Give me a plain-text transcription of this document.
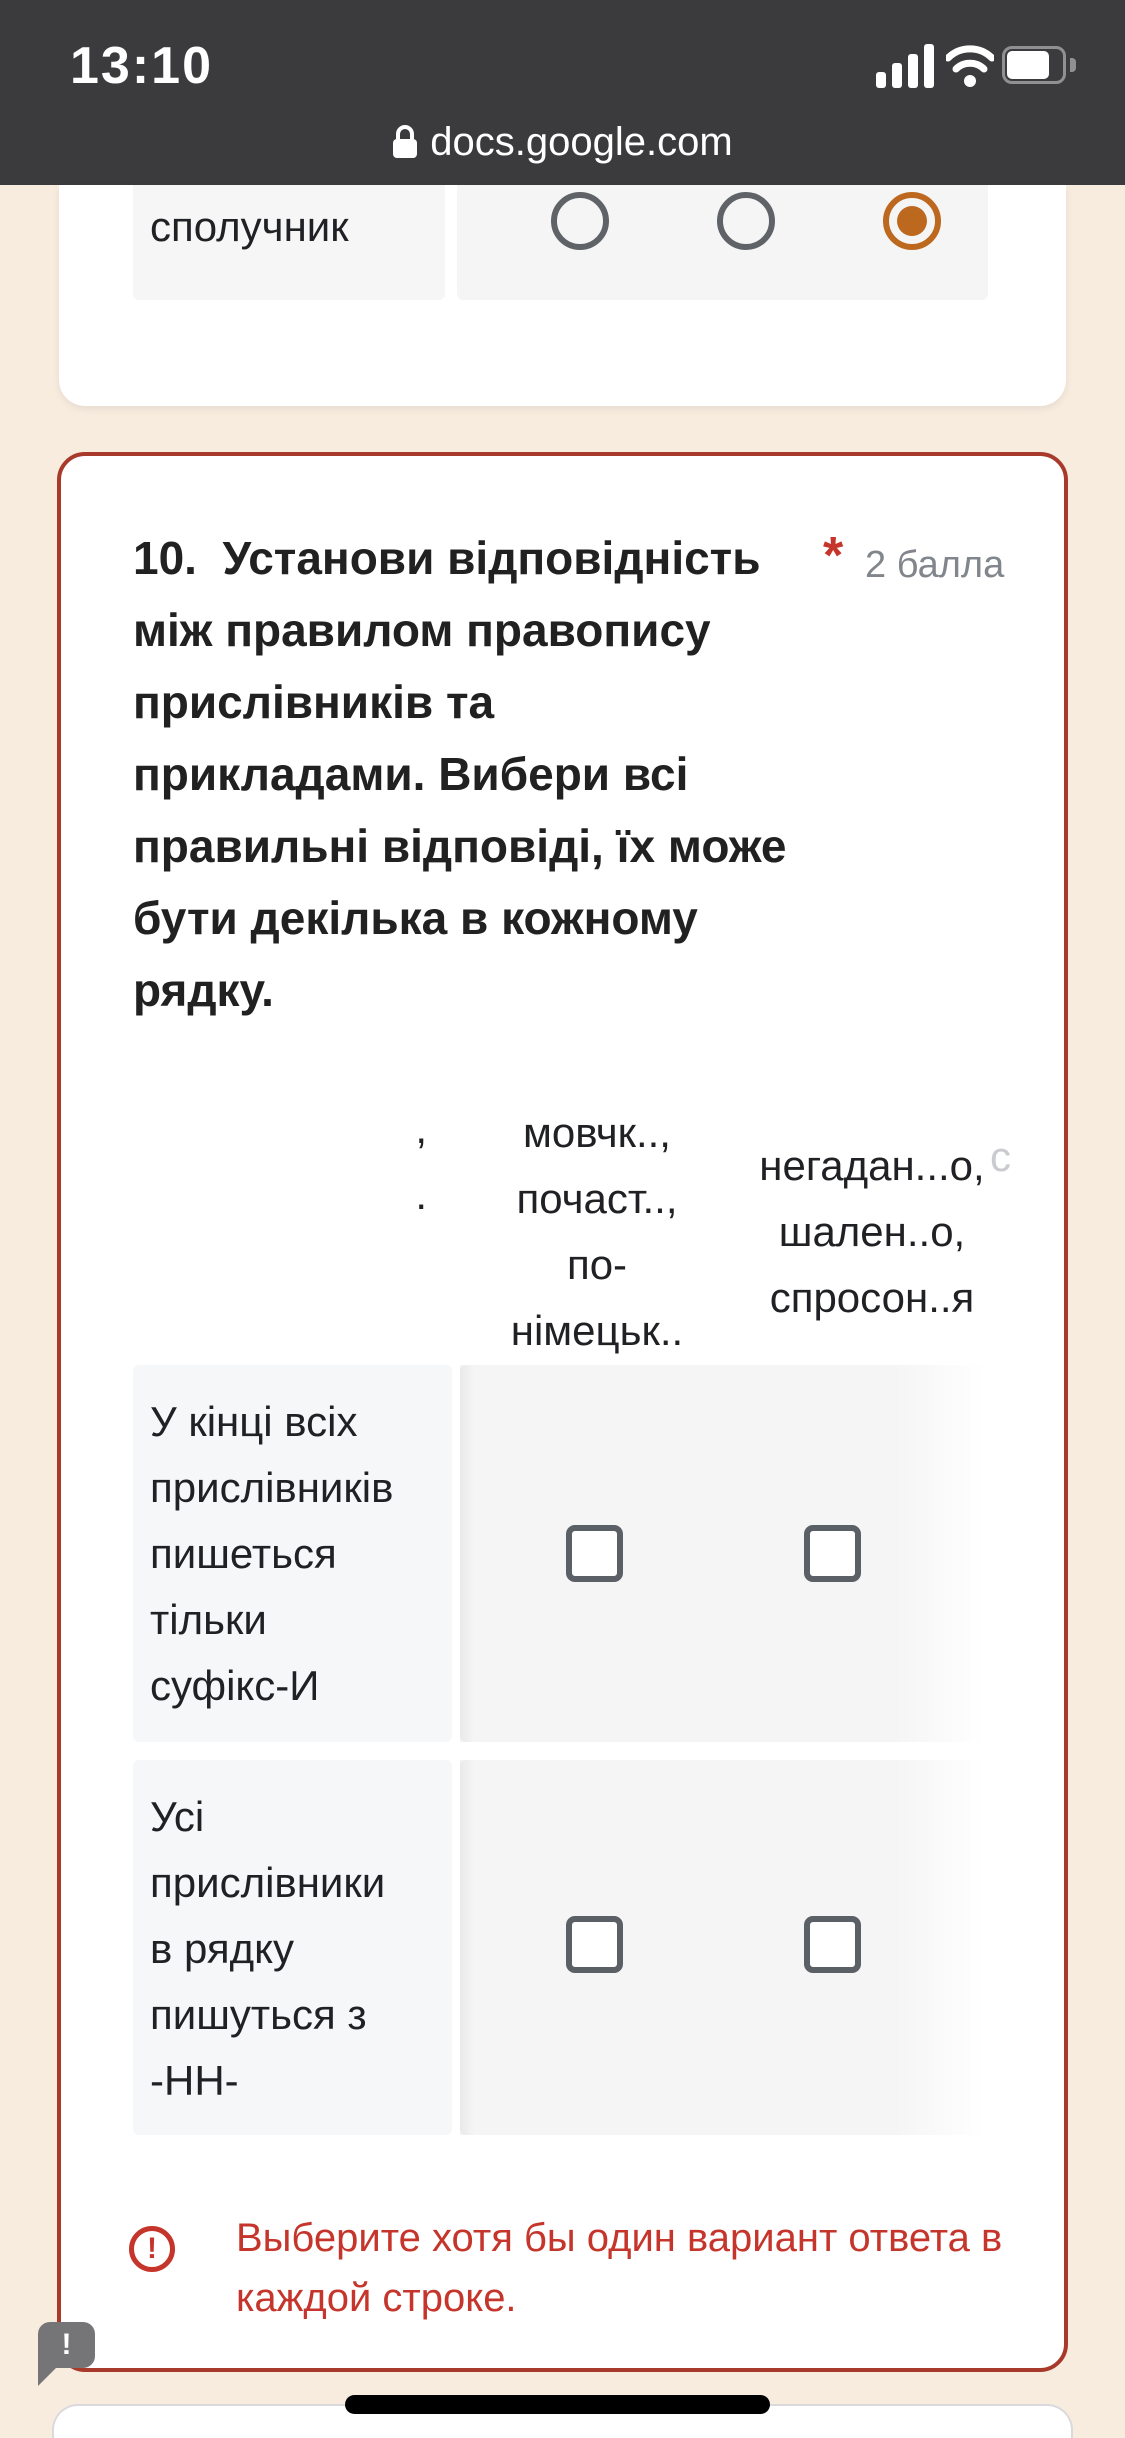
13:10
docs.google.com
сполучник
10.  Установи відповідність
між правилом правопису
прислівників та
прикладами. Вибери всі
правильні відповіді, їх може
бути декілька в кожному
рядку.
* 2 балла
,
.
мовчк..,
почаст..,
по-
німецьк..
негадан...о,
шален..о,
спросон..я
с
У кінці всіх
прислівників
пишеться
тільки
суфікс-И
Усі
прислівники
в рядку
пишуться з
-НН-
!	Выберите хотя бы один вариант ответа в
каждой строке.
!
